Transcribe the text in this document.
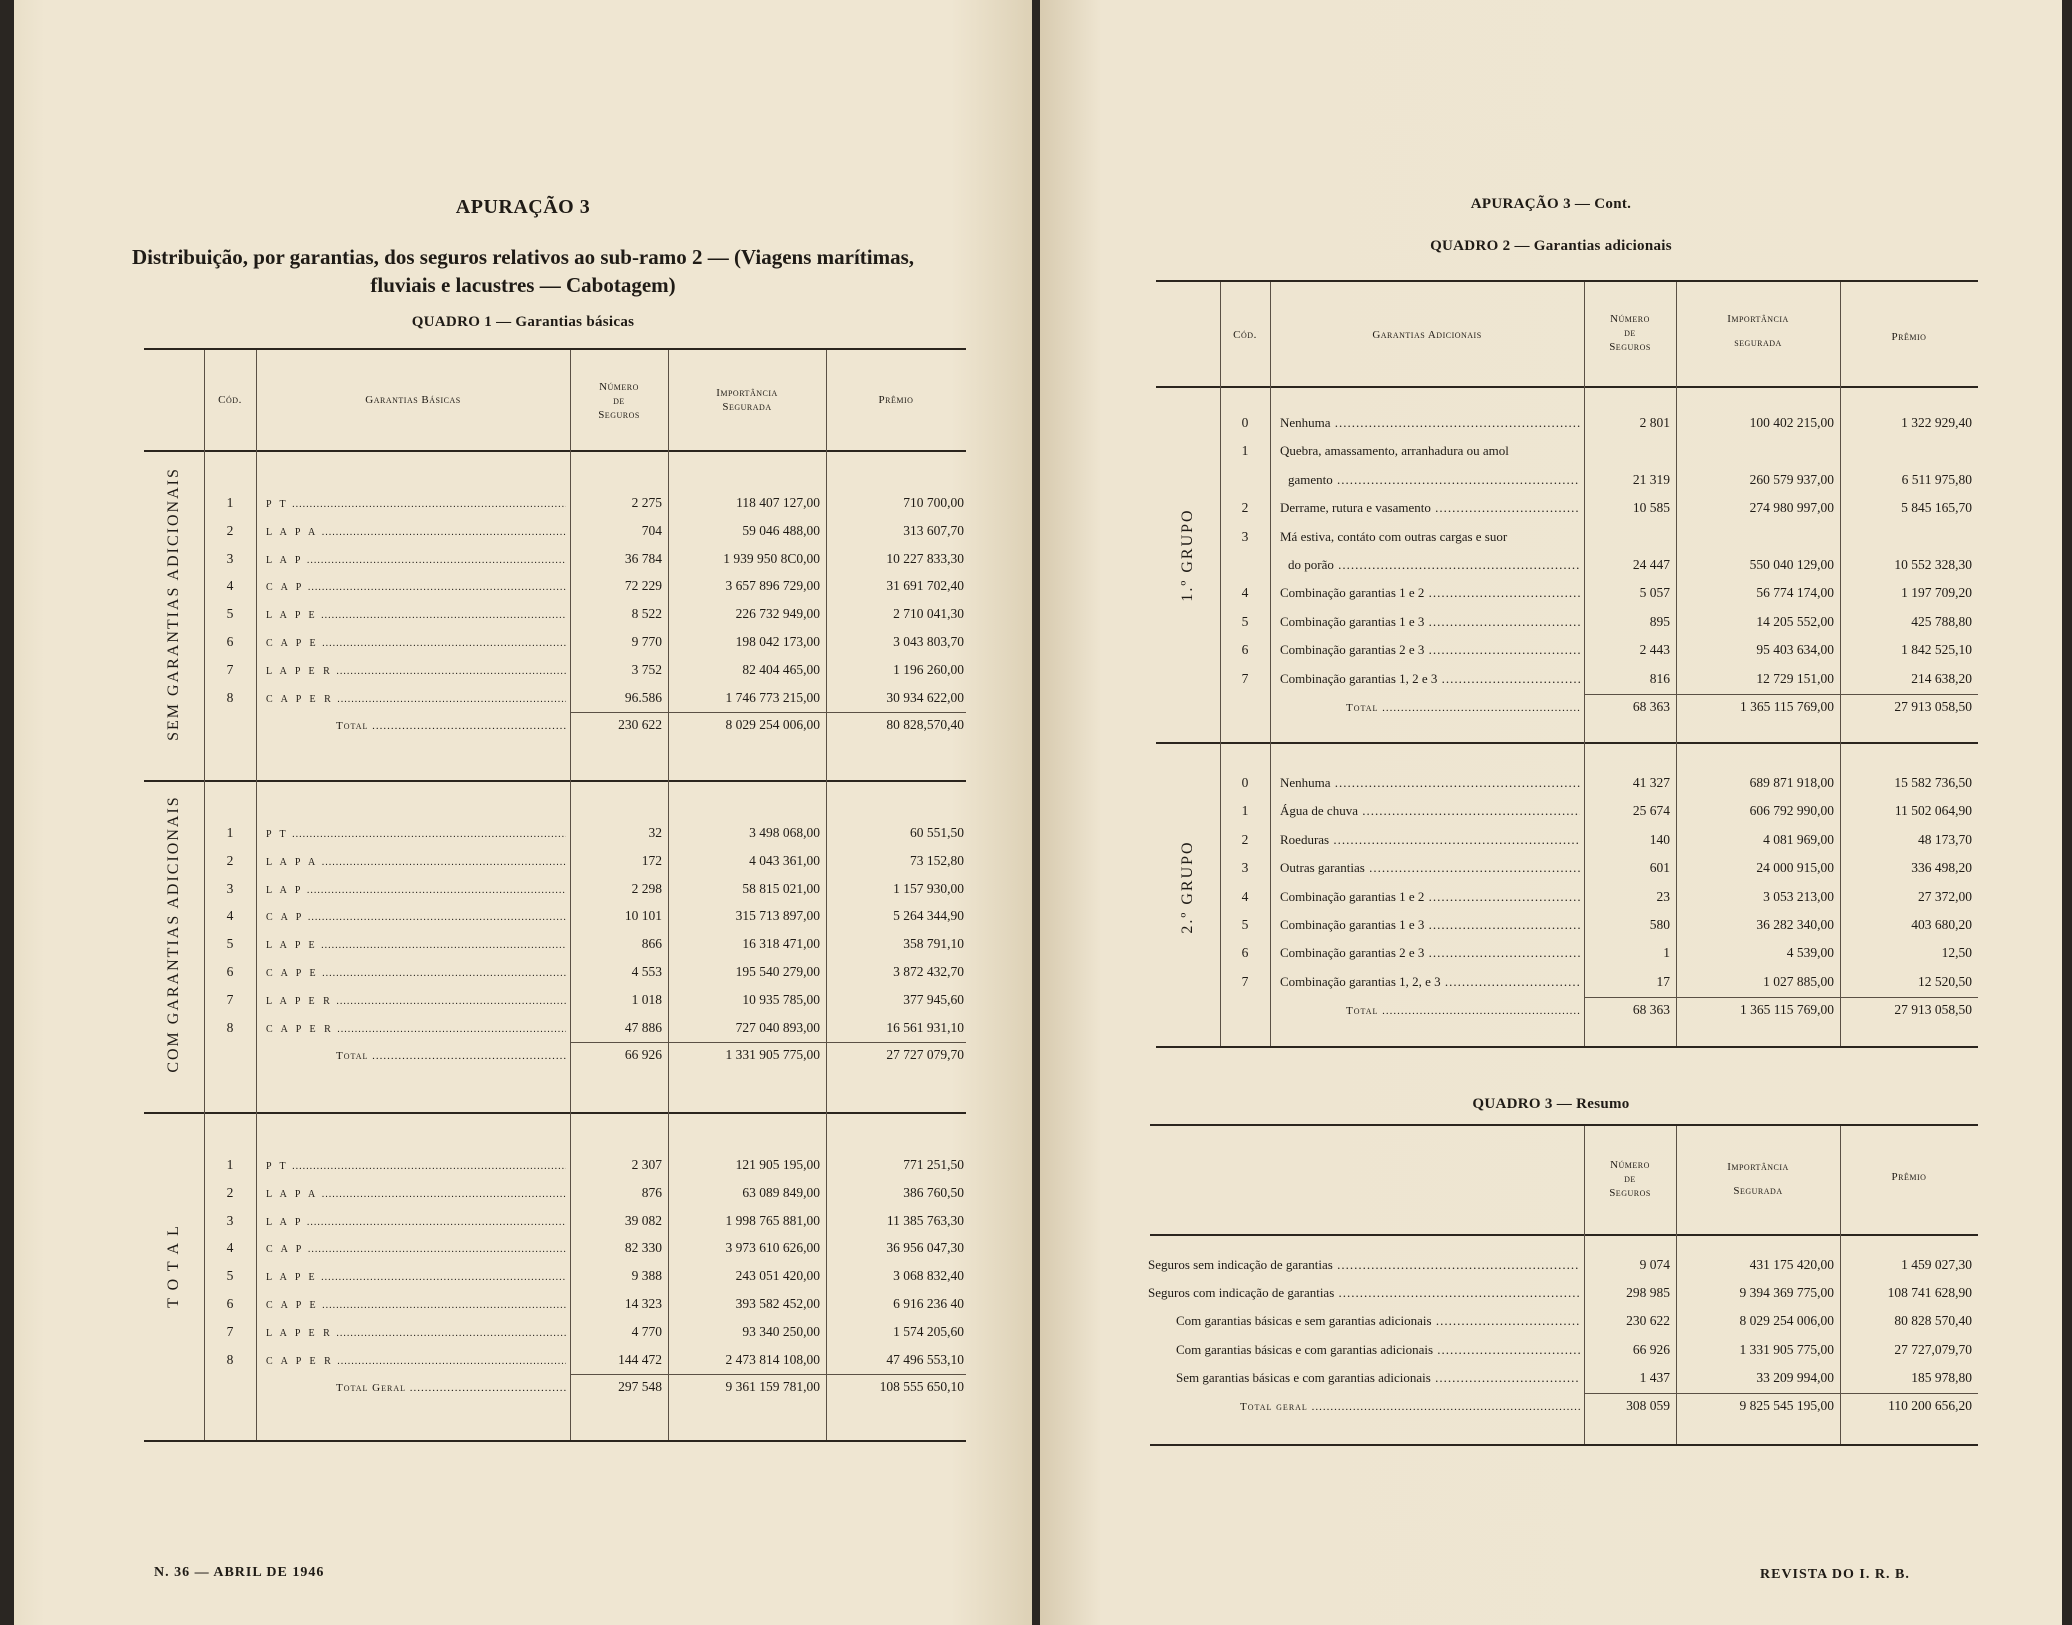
APURAÇÃO 3
Distribuição, por garantias, dos seguros relativos ao sub-ramo 2 — (Viagens marítimas,
fluviais e lacustres — Cabotagem)
QUADRO 1 — Garantias básicas
Cód.	Garantias Básicas
Número
de
Seguros
Importância
Segurada
Prêmio
SEM GARANTIAS ADICIONAIS	1	P T .....	2 275	118 407 127,00	710 700,00
2	L A P A .....	704	59 046 488,00	313 607,70
3	L A P .....	36 784	1 939 950 8C0,00	10 227 833,30
4	C A P .....	72 229	3 657 896 729,00	31 691 702,40
5	L A P E .....	8 522	226 732 949,00	2 710 041,30
6	C A P E .....	9 770	198 042 173,00	3 043 803,70
7	L A P E R .....	3 752	82 404 465,00	1 196 260,00
8	C A P E R .....	96.586	1 746 773 215,00	30 934 622,00
Total .....	230 622	8 029 254 006,00	80 828,570,40
COM GARANTIAS ADICIONAIS	1	P T .....	32	3 498 068,00	60 551,50
2	L A P A .....	172	4 043 361,00	73 152,80
3	L A P .....	2 298	58 815 021,00	1 157 930,00
4	C A P .....	10 101	315 713 897,00	5 264 344,90
5	L A P E .....	866	16 318 471,00	358 791,10
6	C A P E .....	4 553	195 540 279,00	3 872 432,70
7	L A P E R .....	1 018	10 935 785,00	377 945,60
8	C A P E R .....	47 886	727 040 893,00	16 561 931,10
Total .....	66 926	1 331 905 775,00	27 727 079,70
T O T A L
1	P T .....	2 307	121 905 195,00	771 251,50
2	L A P A .....	876	63 089 849,00	386 760,50
3	L A P .....	39 082	1 998 765 881,00	11 385 763,30
4	C A P .....	82 330	3 973 610 626,00	36 956 047,30
5	L A P E .....	9 388	243 051 420,00	3 068 832,40
6	C A P E .....	14 323	393 582 452,00	6 916 236 40
7	L A P E R .....	4 770	93 340 250,00	1 574 205,60
8	C A P E R .....	144 472	2 473 814 108,00	47 496 553,10
Total Geral .....	297 548	9 361 159 781,00	108 555 650,10
N. 36 — ABRIL DE 1946
APURAÇÃO 3 — Cont.
QUADRO 2 — Garantias adicionais
Cód.	Garantias Adicionais
Número
de
Seguros
Importância
segurada	Prêmio
1.º GRUPO
0	Nenhuma .....	2 801	100 402 215,00	1 322 929,40
1	Quebra, amassamento, arranhadura ou amol
gamento .....	21 319	260 579 937,00	6 511 975,80
2	Derrame, rutura e vasamento .....	10 585	274 980 997,00	5 845 165,70
3	Má estiva, contáto com outras cargas e suor
do porão .....	24 447	550 040 129,00	10 552 328,30
4	Combinação garantias 1 e 2 .....	5 057	56 774 174,00	1 197 709,20
5	Combinação garantias 1 e 3 .....	895	14 205 552,00	425 788,80
6	Combinação garantias 2 e 3 .....	2 443	95 403 634,00	1 842 525,10
7	Combinação garantias 1, 2 e 3 .....	816	12 729 151,00	214 638,20
Total .....	68 363	1 365 115 769,00	27 913 058,50
2.º GRUPO
0	Nenhuma .....	41 327	689 871 918,00	15 582 736,50
1	Água de chuva .....	25 674	606 792 990,00	11 502 064,90
2	Roeduras .....	140	4 081 969,00	48 173,70
3	Outras garantias .....	601	24 000 915,00	336 498,20
4	Combinação garantias 1 e 2 .....	23	3 053 213,00	27 372,00
5	Combinação garantias 1 e 3 .....	580	36 282 340,00	403 680,20
6	Combinação garantias 2 e 3 .....	1	4 539,00	12,50
7	Combinação garantias 1, 2, e 3 .....	17	1 027 885,00	12 520,50
Total .....	68 363	1 365 115 769,00	27 913 058,50
QUADRO 3 — Resumo
Número
de
Seguros
Importância
Segurada
Prêmio
Seguros sem indicação de garantias .....	9 074	431 175 420,00	1 459 027,30
Seguros com indicação de garantias .....	298 985	9 394 369 775,00	108 741 628,90
Com garantias básicas e sem garantias adicionais .....	230 622	8 029 254 006,00	80 828 570,40
Com garantias básicas e com garantias adicionais .....	66 926	1 331 905 775,00	27 727,079,70
Sem garantias básicas e com garantias adicionais .....	1 437	33 209 994,00	185 978,80
Total geral .....	308 059	9 825 545 195,00	110 200 656,20
REVISTA DO I. R. B.
